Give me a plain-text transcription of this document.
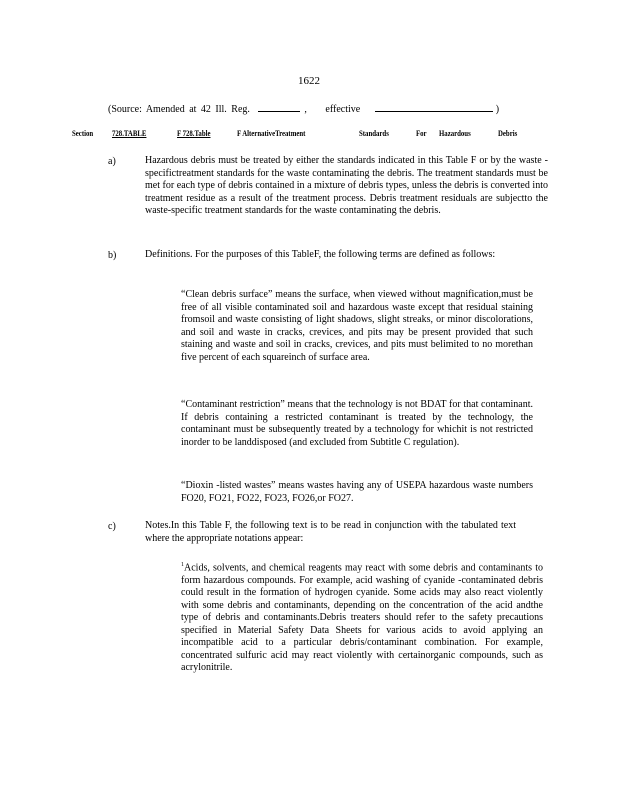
1622
(Source: Amended at 42 Ill. Reg.	, effective	)
Section 728.TABLE	F 728.Table	F AlternativeTreatment	Standards	For Hazardous	Debris
a)	Hazardous debris must be treated by either the standards indicated in this Table F or by the waste -specifictreatment standards for the waste contaminating the debris. The treatment standards must be met for each type of debris contained in a mixture of debris types, unless the debris is converted into treatment residue as a result of the treatment process. Debris treatment residuals are subjectto the waste-specific treatment standards for the waste contaminating the debris.

b)	Definitions. For the purposes of this TableF, the following terms are defined as follows:

“Clean debris surface” means the surface, when viewed without magnification,must be free of all visible contaminated soil and hazardous waste except that residual staining fromsoil and waste consisting of light shadows, slight streaks, or minor discolorations, and soil and waste in cracks, crevices, and pits may be present provided that such staining and waste and soil in cracks, crevices, and pits must belimited to no morethan five percent of each squareinch of surface area.

“Contaminant restriction” means that the technology is not BDAT for that contaminant. If debris containing a restricted contaminant is treated by the technology, the contaminant must be subsequently treated by a technology for whichit is not restricted inorder to be landdisposed (and excluded from Subtitle C regulation).

“Dioxin -listed wastes” means wastes having any of USEPA hazardous waste numbers FO20, FO21, FO22, FO23, FO26,or FO27.

c)	Notes.In this Table F, the following text is to be read in conjunction with the tabulated text where the appropriate notations appear:

$^1$Acids, solvents, and chemical reagents may react with some debris and contaminants to form hazardous compounds. For example, acid washing of cyanide -contaminated debris could result in the formation of hydrogen cyanide. Some acids may also react violently with some debris and contaminants, depending on the concentration of the acid andthe type of debris and contaminants.Debris treaters should refer to the safety precautions specified in Material Safety Data Sheets for various acids to avoid applying an incompatible acid to a particular debris/contaminant combination. For example, concentrated sulfuric acid may react violently with certainorganic compounds, such as acrylonitrile.
